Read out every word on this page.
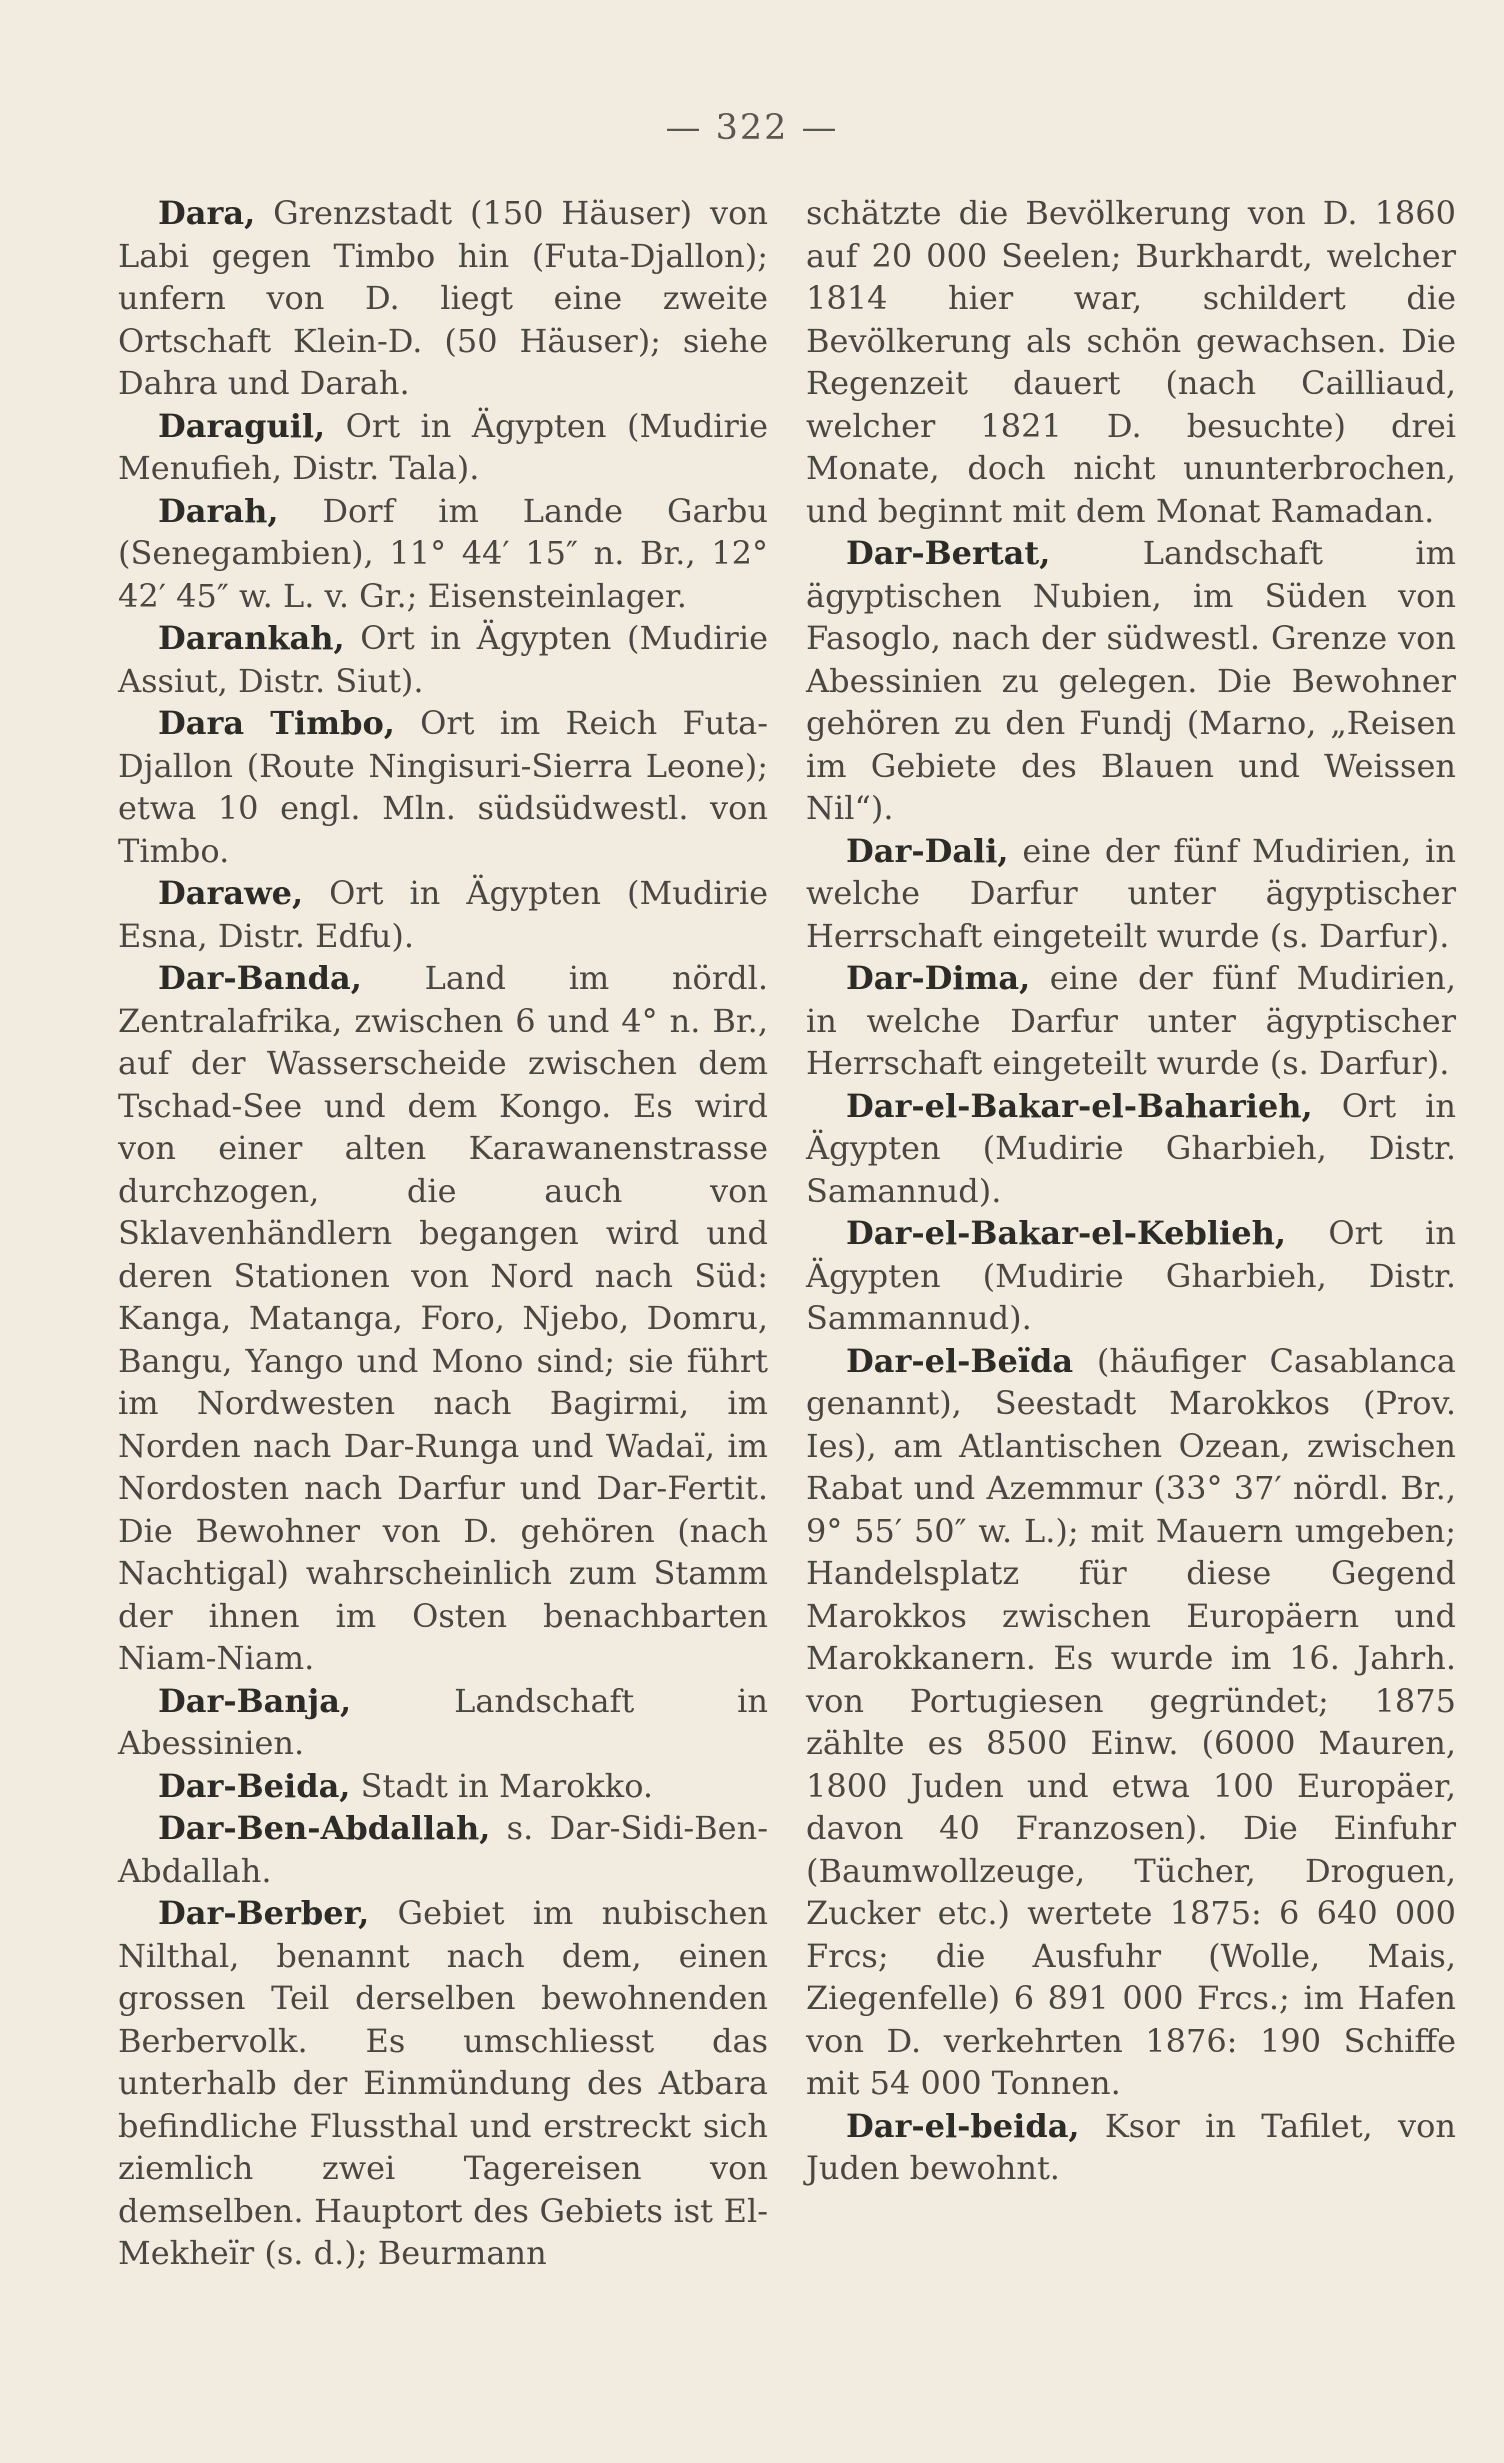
— 322 —

Dara, Grenzstadt (150 Häuser) von Labi gegen Timbo hin (Futa-Djallon); unfern von D. liegt eine zweite Ortschaft Klein-D. (50 Häuser); siehe Dahra und Darah.

Daraguil, Ort in Ägypten (Mudirie Menufieh, Distr. Tala).

Darah, Dorf im Lande Garbu (Senegambien), 11° 44′ 15″ n. Br., 12° 42′ 45″ w. L. v. Gr.; Eisensteinlager.

Darankah, Ort in Ägypten (Mudirie Assiut, Distr. Siut).

Dara Timbo, Ort im Reich Futa-Djallon (Route Ningisuri-Sierra Leone); etwa 10 engl. Mln. südsüdwestl. von Timbo.

Darawe, Ort in Ägypten (Mudirie Esna, Distr. Edfu).

Dar-Banda, Land im nördl. Zentralafrika, zwischen 6 und 4° n. Br., auf der Wasserscheide zwischen dem Tschad-See und dem Kongo. Es wird von einer alten Karawanenstrasse durchzogen, die auch von Sklavenhändlern begangen wird und deren Stationen von Nord nach Süd: Kanga, Matanga, Foro, Njebo, Domru, Bangu, Yango und Mono sind; sie führt im Nordwesten nach Bagirmi, im Norden nach Dar-Runga und Wadaï, im Nordosten nach Darfur und Dar-Fertit. Die Bewohner von D. gehören (nach Nachtigal) wahrscheinlich zum Stamm der ihnen im Osten benachbarten Niam-Niam.

Dar-Banja, Landschaft in Abessinien.

Dar-Beida, Stadt in Marokko.

Dar-Ben-Abdallah, s. Dar-Sidi-Ben-Abdallah.

Dar-Berber, Gebiet im nubischen Nilthal, benannt nach dem, einen grossen Teil derselben bewohnenden Berbervolk. Es umschliesst das unterhalb der Einmündung des Atbara befindliche Flussthal und erstreckt sich ziemlich zwei Tagereisen von demselben. Hauptort des Gebiets ist El-Mekheïr (s. d.); Beurmann

schätzte die Bevölkerung von D. 1860 auf 20 000 Seelen; Burkhardt, welcher 1814 hier war, schildert die Bevölkerung als schön gewachsen. Die Regenzeit dauert (nach Cailliaud, welcher 1821 D. besuchte) drei Monate, doch nicht ununterbrochen, und beginnt mit dem Monat Ramadan.

Dar-Bertat, Landschaft im ägyptischen Nubien, im Süden von Fasoglo, nach der südwestl. Grenze von Abessinien zu gelegen. Die Bewohner gehören zu den Fundj (Marno, „Reisen im Gebiete des Blauen und Weissen Nil“).

Dar-Dali, eine der fünf Mudirien, in welche Darfur unter ägyptischer Herrschaft eingeteilt wurde (s. Darfur).

Dar-Dima, eine der fünf Mudirien, in welche Darfur unter ägyptischer Herrschaft eingeteilt wurde (s. Darfur).

Dar-el-Bakar-el-Baharieh, Ort in Ägypten (Mudirie Gharbieh, Distr. Samannud).

Dar-el-Bakar-el-Keblieh, Ort in Ägypten (Mudirie Gharbieh, Distr. Sammannud).

Dar-el-Beïda (häufiger Casablanca genannt), Seestadt Marokkos (Prov. Ies), am Atlantischen Ozean, zwischen Rabat und Azemmur (33° 37′ nördl. Br., 9° 55′ 50″ w. L.); mit Mauern umgeben; Handelsplatz für diese Gegend Marokkos zwischen Europäern und Marokkanern. Es wurde im 16. Jahrh. von Portugiesen gegründet; 1875 zählte es 8500 Einw. (6000 Mauren, 1800 Juden und etwa 100 Europäer, davon 40 Franzosen). Die Einfuhr (Baumwollzeuge, Tücher, Droguen, Zucker etc.) wertete 1875: 6 640 000 Frcs; die Ausfuhr (Wolle, Mais, Ziegenfelle) 6 891 000 Frcs.; im Hafen von D. verkehrten 1876: 190 Schiffe mit 54 000 Tonnen.

Dar-el-beida, Ksor in Tafilet, von Juden bewohnt.
